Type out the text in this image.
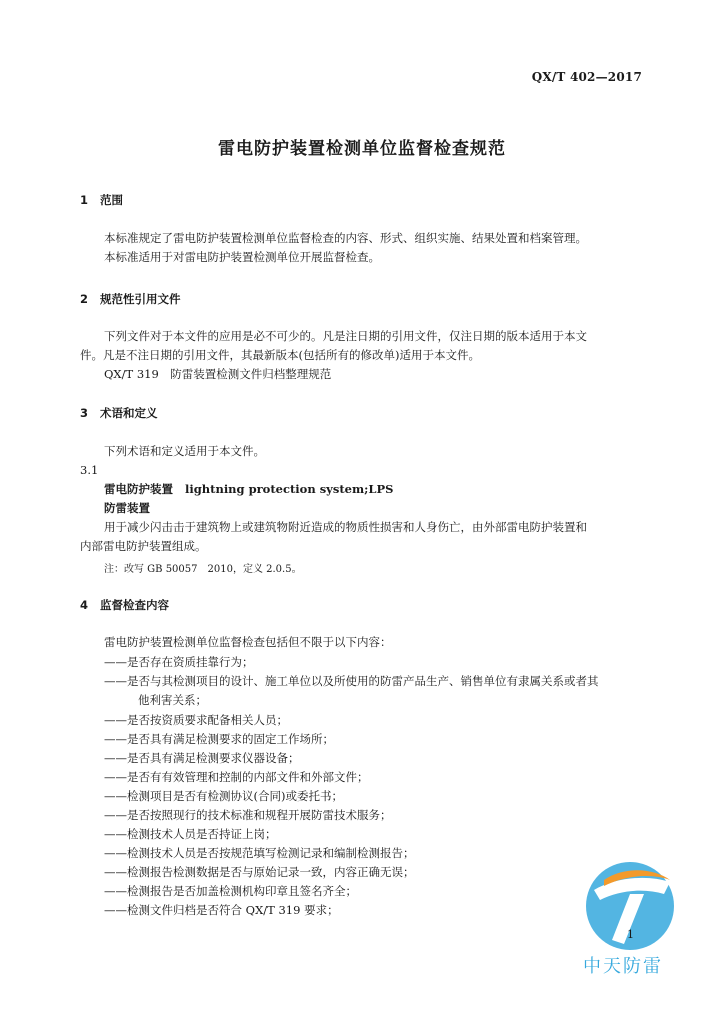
QX/T 402—2017
雷电防护装置检测单位监督检查规范
1 范围
本标准规定了雷电防护装置检测单位监督检查的内容、形式、组织实施、结果处置和档案管理。
本标准适用于对雷电防护装置检测单位开展监督检查。
2 规范性引用文件
下列文件对于本文件的应用是必不可少的。凡是注日期的引用文件，仅注日期的版本适用于本文
件。凡是不注日期的引用文件，其最新版本(包括所有的修改单)适用于本文件。
QX/T 319　防雷装置检测文件归档整理规范
3 术语和定义
下列术语和定义适用于本文件。
3.1
雷电防护装置 lightning protection system;LPS
防雷装置
用于减少闪击击于建筑物上或建筑物附近造成的物质性损害和人身伤亡，由外部雷电防护装置和
内部雷电防护装置组成。
注：改写 GB 50057　2010，定义 2.0.5。
4 监督检查内容
雷电防护装置检测单位监督检查包括但不限于以下内容：
——是否存在资质挂靠行为；
——是否与其检测项目的设计、施工单位以及所使用的防雷产品生产、销售单位有隶属关系或者其
他利害关系；
——是否按资质要求配备相关人员；
——是否具有满足检测要求的固定工作场所；
——是否具有满足检测要求仪器设备；
——是否有有效管理和控制的内部文件和外部文件；
——检测项目是否有检测协议(合同)或委托书；
——是否按照现行的技术标准和规程开展防雷技术服务；
——检测技术人员是否持证上岗；
——检测技术人员是否按规范填写检测记录和编制检测报告；
——检测报告检测数据是否与原始记录一致，内容正确无误；
——检测报告是否加盖检测机构印章且签名齐全；
——检测文件归档是否符合 QX/T 319 要求；
1
中天防雷
